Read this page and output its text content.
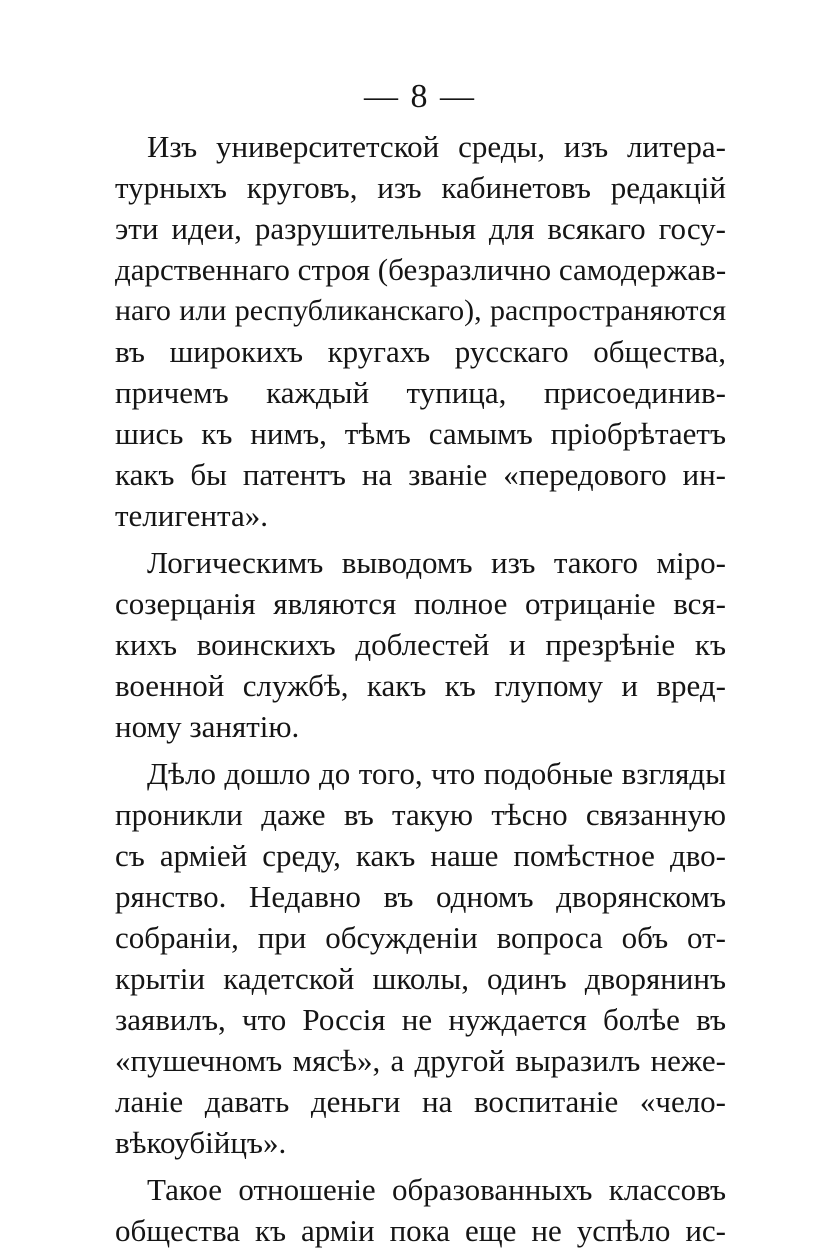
— 8 —
Изъ университетской среды, изъ литера-
турныхъ круговъ, изъ кабинетовъ редакцій
эти идеи, разрушительныя для всякаго госу-
дарственнаго строя (безразлично самодержав-
наго или республиканскаго), распространяются
въ широкихъ кругахъ русскаго общества,
причемъ каждый тупица, присоединив-
шись къ нимъ, тѣмъ самымъ пріобрѣтаетъ
какъ бы патентъ на званіе «передового ин-
телигента».
Логическимъ выводомъ изъ такого міро-
созерцанія являются полное отрицаніе вся-
кихъ воинскихъ доблестей и презрѣніе къ
военной службѣ, какъ къ глупому и вред-
ному занятію.
Дѣло дошло до того, что подобные взгляды
проникли даже въ такую тѣсно связанную
съ арміей среду, какъ наше помѣстное дво-
рянство. Недавно въ одномъ дворянскомъ
собраніи, при обсужденіи вопроса объ от-
крытіи кадетской школы, одинъ дворянинъ
заявилъ, что Россія не нуждается болѣе въ
«пушечномъ мясѣ», а другой выразилъ неже-
ланіе давать деньги на воспитаніе «чело-
вѣкоубійцъ».
Такое отношеніе образованныхъ классовъ
общества къ арміи пока еще не успѣло ис-
